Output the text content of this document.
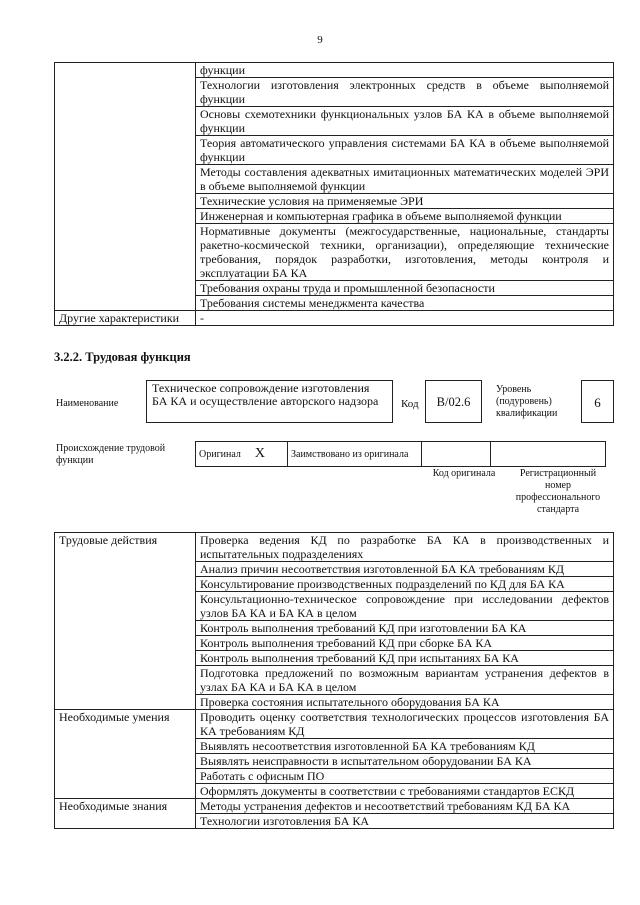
9
	функции
	Технологии изготовления электронных средств в объеме выполняемой функции
	Основы схемотехники функциональных узлов БА КА в объеме выполняемой функции
	Теория автоматического управления системами БА КА в объеме выполняемой функции
	Методы составления адекватных имитационных математических моделей ЭРИ в объеме выполняемой функции
	Технические условия на применяемые ЭРИ
	Инженерная и компьютерная графика в объеме выполняемой функции
	Нормативные документы (межгосударственные, национальные, стандарты ракетно-космической техники, организации), определяющие технические требования, порядок разработки, изготовления, методы контроля и эксплуатации БА КА
	Требования охраны труда и промышленной безопасности
	Требования системы менеджмента качества
Другие характеристики	-
3.2.2. Трудовая функция
Наименование
Техническое сопровождение изготовления БА КА и осуществление авторского надзора	Код	В/02.6
Уровень (подуровень) квалификации
6
Происхождение трудовой функции
Оригинал X	Заимствовано из оригинала		
Код оригинала	Регистрационный номер профессионального стандарта
Трудовые действия	Проверка ведения КД по разработке БА КА в производственных и испытательных подразделениях
	Анализ причин несоответствия изготовленной БА КА требованиям КД
	Консультирование производственных подразделений по КД для БА КА
	Консультационно-техническое сопровождение при исследовании дефектов узлов БА КА и БА КА в целом
	Контроль выполнения требований КД при изготовлении БА КА
	Контроль выполнения требований КД при сборке БА КА
	Контроль выполнения требований КД при испытаниях БА КА
	Подготовка предложений по возможным вариантам устранения дефектов в узлах БА КА и БА КА в целом
	Проверка состояния испытательного оборудования БА КА
Необходимые умения	Проводить оценку соответствия технологических процессов изготовления БА КА требованиям КД
	Выявлять несоответствия изготовленной БА КА требованиям КД
	Выявлять неисправности в испытательном оборудовании БА КА
	Работать с офисным ПО
	Оформлять документы в соответствии с требованиями стандартов ЕСКД
Необходимые знания	Методы устранения дефектов и несоответствий требованиям КД БА КА
	Технологии изготовления БА КА
